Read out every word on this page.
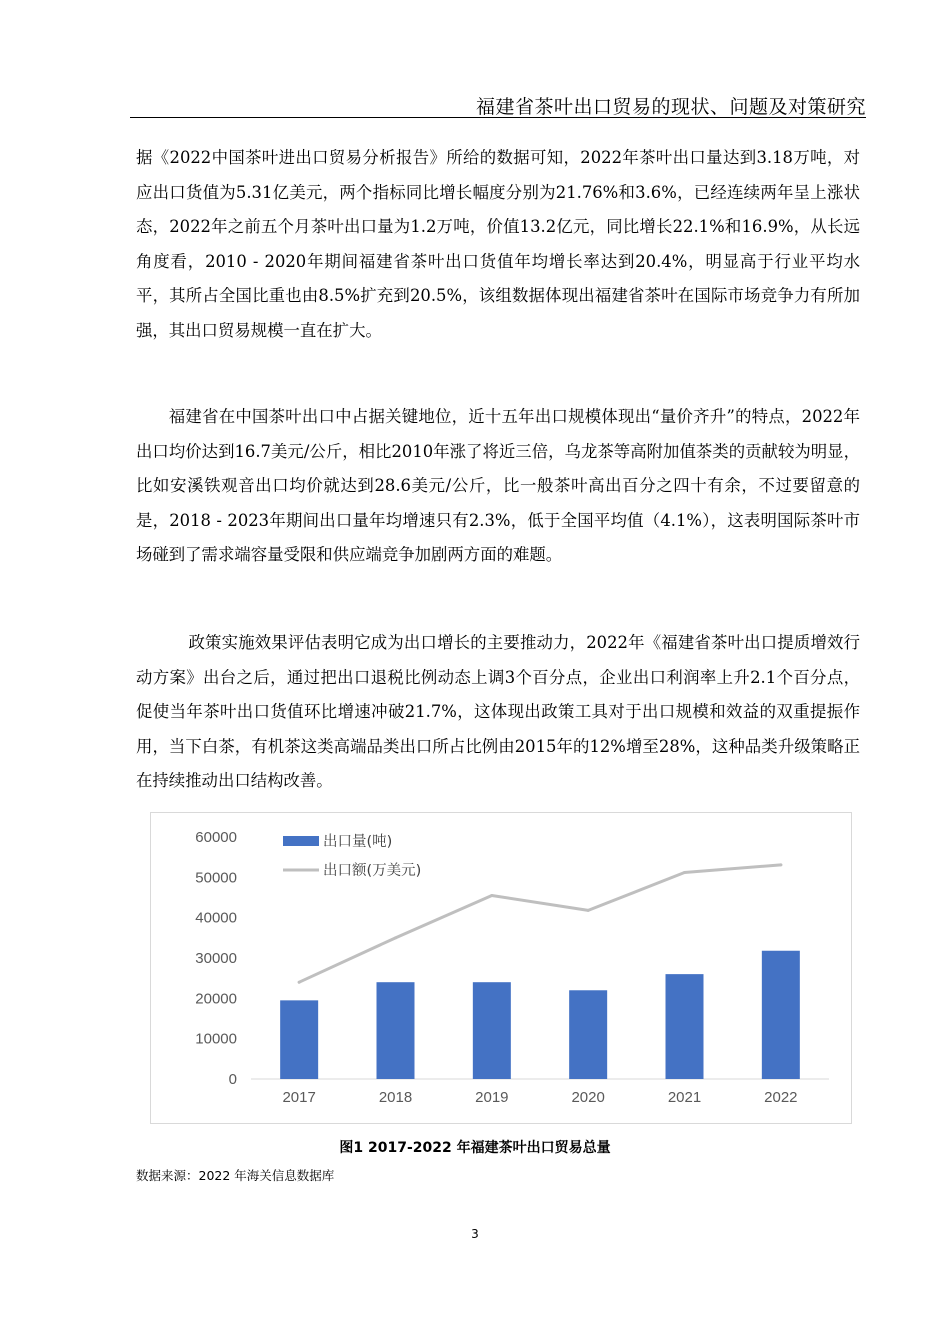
福建省茶叶出口贸易的现状、问题及对策研究

据《2022中国茶叶进出口贸易分析报告》所给的数据可知，2022年茶叶出口量达到3.18万吨，对应出口货值为5.31亿美元，两个指标同比增长幅度分别为21.76%和3.6%，已经连续两年呈上涨状态，2022年之前五个月茶叶出口量为1.2万吨，价值13.2亿元，同比增长22.1%和16.9%，从长远角度看，2010 - 2020年期间福建省茶叶出口货值年均增长率达到20.4%，明显高于行业平均水平，其所占全国比重也由8.5%扩充到20.5%，该组数据体现出福建省茶叶在国际市场竞争力有所加强，其出口贸易规模一直在扩大。

福建省在中国茶叶出口中占据关键地位，近十五年出口规模体现出“量价齐升”的特点，2022年出口均价达到16.7美元/公斤，相比2010年涨了将近三倍，乌龙茶等高附加值茶类的贡献较为明显，比如安溪铁观音出口均价就达到28.6美元/公斤，比一般茶叶高出百分之四十有余，不过要留意的是，2018 - 2023年期间出口量年均增速只有2.3%，低于全国平均值（4.1%），这表明国际茶叶市场碰到了需求端容量受限和供应端竞争加剧两方面的难题。

政策实施效果评估表明它成为出口增长的主要推动力，2022年《福建省茶叶出口提质增效行动方案》出台之后，通过把出口退税比例动态上调3个百分点，企业出口利润率上升2.1个百分点，促使当年茶叶出口货值环比增速冲破21.7%，这体现出政策工具对于出口规模和效益的双重提振作用，当下白茶，有机茶这类高端品类出口所占比例由2015年的12%增至28%，这种品类升级策略正在持续推动出口结构改善。

0
10000
20000
30000
40000
50000
60000
2017	2018	2019	2020	2021	2022
出口量(吨)
出口额(万美元)
图1 2017-2022 年福建茶叶出口贸易总量
数据来源：2022 年海关信息数据库
3
